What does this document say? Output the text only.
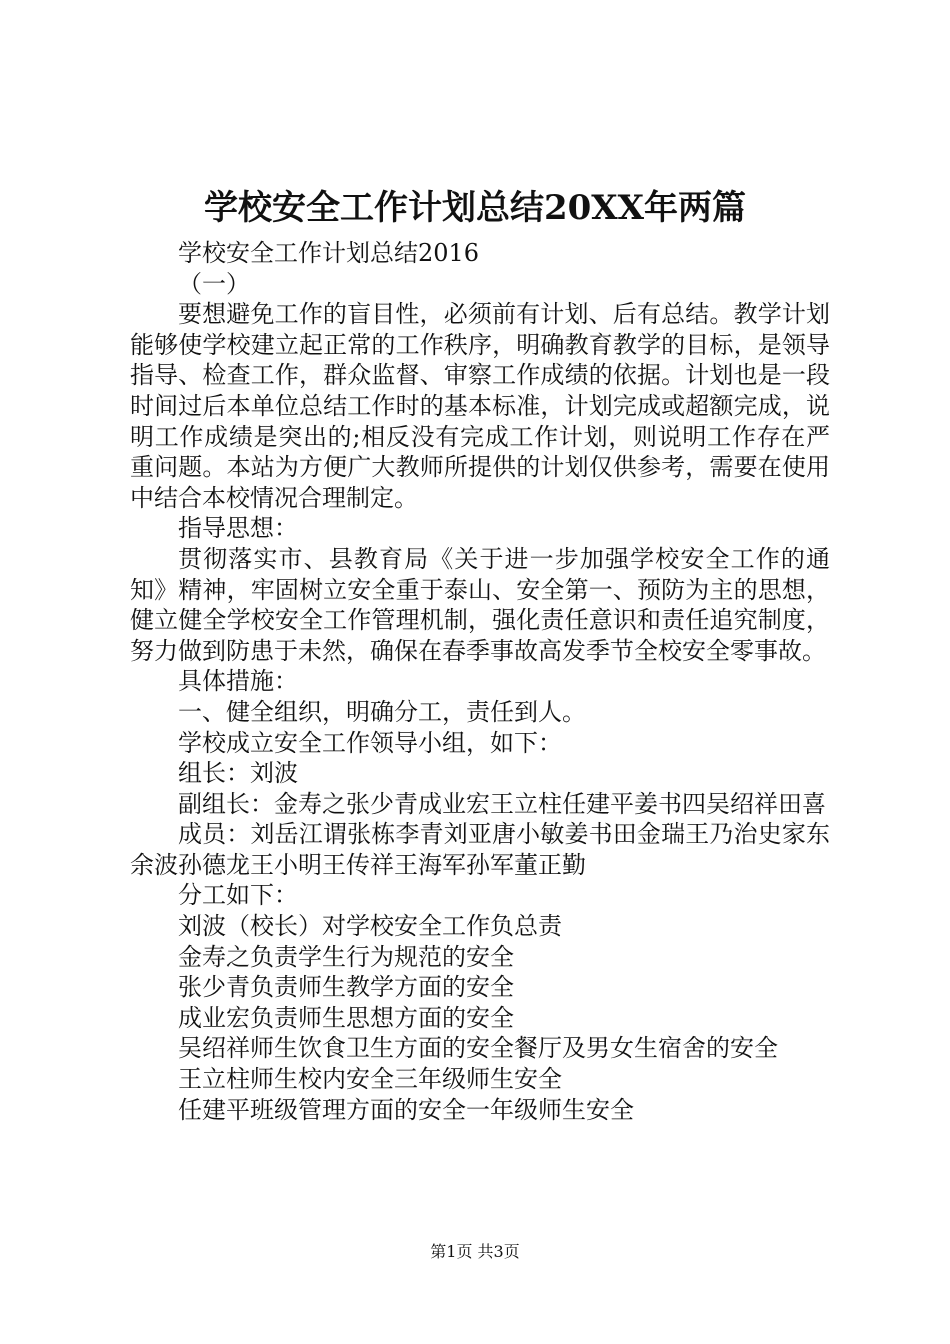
学校安全工作计划总结20XX年两篇

学校安全工作计划总结2016

（一）

要想避免工作的盲目性，必须前有计划、后有总结。教学计划能够使学校建立起正常的工作秩序，明确教育教学的目标，是领导指导、检查工作，群众监督、审察工作成绩的依据。计划也是一段时间过后本单位总结工作时的基本标准，计划完成或超额完成，说明工作成绩是突出的;相反没有完成工作计划，则说明工作存在严重问题。本站为方便广大教师所提供的计划仅供参考，需要在使用中结合本校情况合理制定。

指导思想：

贯彻落实市、县教育局《关于进一步加强学校安全工作的通知》精神，牢固树立安全重于泰山、安全第一、预防为主的思想，健立健全学校安全工作管理机制，强化责任意识和责任追究制度，努力做到防患于未然，确保在春季事故高发季节全校安全零事故。

具体措施：

一、健全组织，明确分工，责任到人。

学校成立安全工作领导小组，如下：

组长：刘波

副组长：金寿之张少青成业宏王立柱任建平姜书四吴绍祥田喜

成员：刘岳江谓张栋李青刘亚唐小敏姜书田金瑞王乃治史家东余波孙德龙王小明王传祥王海军孙军董正勤

分工如下：

刘波（校长）对学校安全工作负总责

金寿之负责学生行为规范的安全

张少青负责师生教学方面的安全

成业宏负责师生思想方面的安全

吴绍祥师生饮食卫生方面的安全餐厅及男女生宿舍的安全

王立柱师生校内安全三年级师生安全

任建平班级管理方面的安全一年级师生安全

第1页 共3页
